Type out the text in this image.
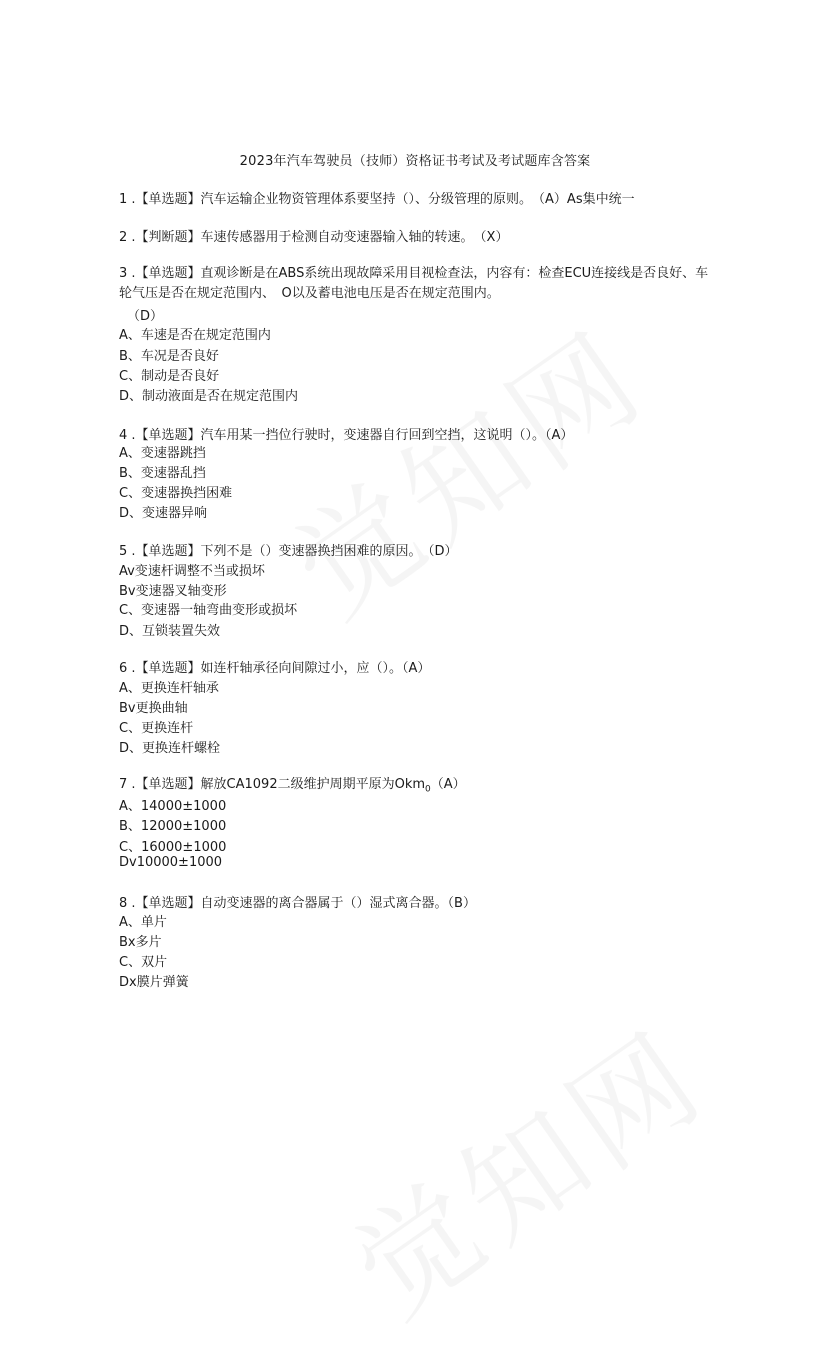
2023年汽车驾驶员（技师）资格证书考试及考试题库含答案
1 .【单选题】汽车运输企业物资管理体系要坚持（）、分级管理的原则。　（A）As集中统一
2 .【判断题】车速传感器用于检测自动变速器输入轴的转速。　（X）
3 .【单选题】直观诊断是在ABS系统出现故障采用目视检查法，内容有：检查ECU连接线是否良好、车轮气压是否在规定范围内、　O以及蓄电池电压是否在规定范围内。
（D）
A、车速是否在规定范围内
B、车况是否良好
C、制动是否良好
D、制动液面是否在规定范围内
4 .【单选题】汽车用某一挡位行驶时，变速器自行回到空挡，这说明（）。（A）
A、变速器跳挡
B、变速器乱挡
C、变速器换挡困难
D、变速器异响
5 .【单选题】下列不是（）变速器换挡困难的原因。　（D）
Av变速杆调整不当或损坏
Bv变速器叉轴变形
C、变速器一轴弯曲变形或损坏
D、互锁装置失效
6 .【单选题】如连杆轴承径向间隙过小，应（）。（A）
A、更换连杆轴承
Bv更换曲轴
C、更换连杆
D、更换连杆螺栓
7 .【单选题】解放CA1092二级维护周期平原为Okm$_0$（A）
A、14000±1000
B、12000±1000
C、16000±1000
Dv10000±1000
8 .【单选题】自动变速器的离合器属于（）湿式离合器。（B）
A、单片
Bx多片
C、双片
Dx膜片弹簧
